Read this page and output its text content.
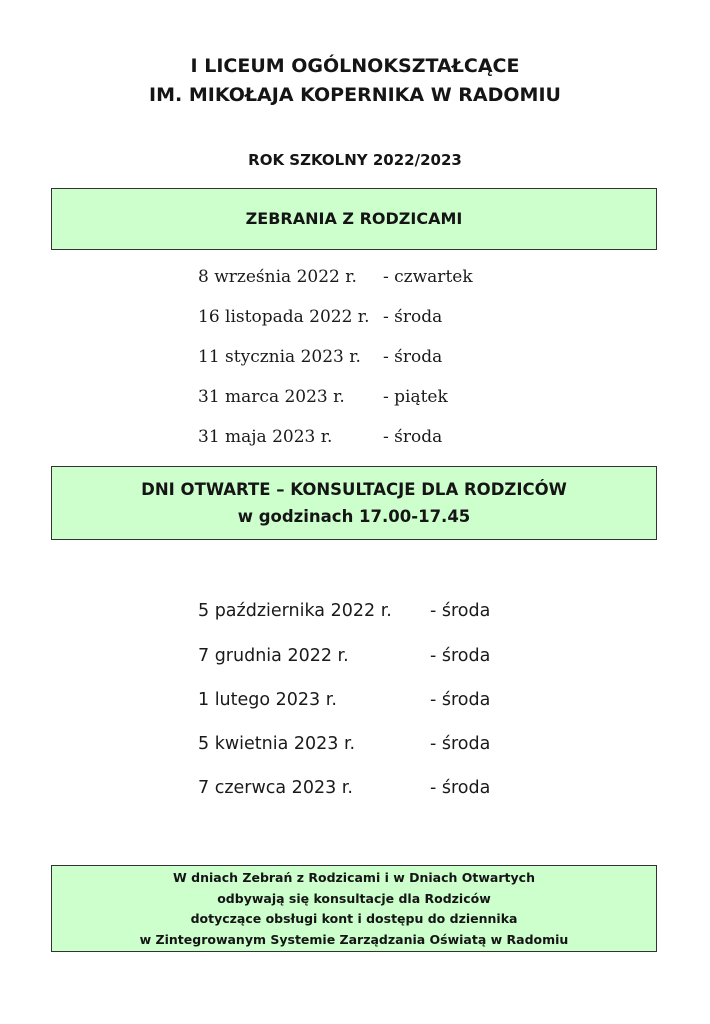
I LICEUM OGÓLNOKSZTAŁCĄCE
IM. MIKOŁAJA KOPERNIKA W RADOMIU
ROK SZKOLNY 2022/2023
ZEBRANIA Z RODZICAMI
8 września 2022 r. - czwartek
16 listopada 2022 r. - środa
11 stycznia 2023 r. - środa
31 marca 2023 r. - piątek
31 maja 2023 r.	- środa
DNI OTWARTE – KONSULTACJE DLA RODZICÓW
w godzinach 17.00-17.45
5 października 2022 r. - środa
7 grudnia 2022 r.	- środa
1 lutego 2023 r.	- środa
5 kwietnia 2023 r.	- środa
7 czerwca 2023 r.	- środa
W dniach Zebrań z Rodzicami i w Dniach Otwartych
odbywają się konsultacje dla Rodziców
dotyczące obsługi kont i dostępu do dziennika
w Zintegrowanym Systemie Zarządzania Oświatą w Radomiu
